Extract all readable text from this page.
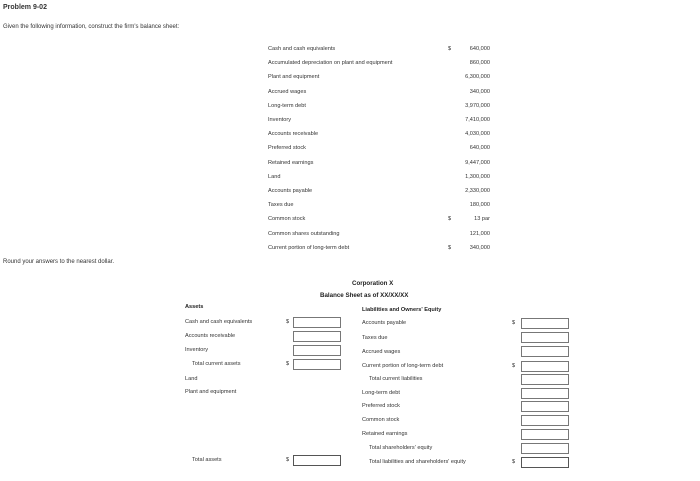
Problem 9-02
Given the following information, construct the firm's balance sheet:
Round your answers to the nearest dollar.
Cash and cash equivalents	$	640,000
Accumulated depreciation on plant and equipment	860,000
Plant and equipment	6,300,000
Accrued wages	340,000
Long-term debt	3,970,000
Inventory	7,410,000
Accounts receivable	4,030,000
Preferred stock	640,000
Retained earnings	9,447,000
Land	1,300,000
Accounts payable	2,330,000
Taxes due	180,000
Common stock	$	13 par
Common shares outstanding	121,000
Current portion of long-term debt	$	340,000
Corporation X
Balance Sheet as of XX/XX/XX
Assets
Cash and cash equivalents	$
Accounts receivable
Inventory
Total current assets	$
Land
Plant and equipment
Total assets	$
Liabilities and Owners' Equity
Accounts payable	$
Taxes due
Accrued wages
Current portion of long-term debt	$
Total current liabilities
Long-term debt
Preferred stock
Common stock
Retained earnings
Total shareholders' equity
Total liabilities and shareholders' equity	$
